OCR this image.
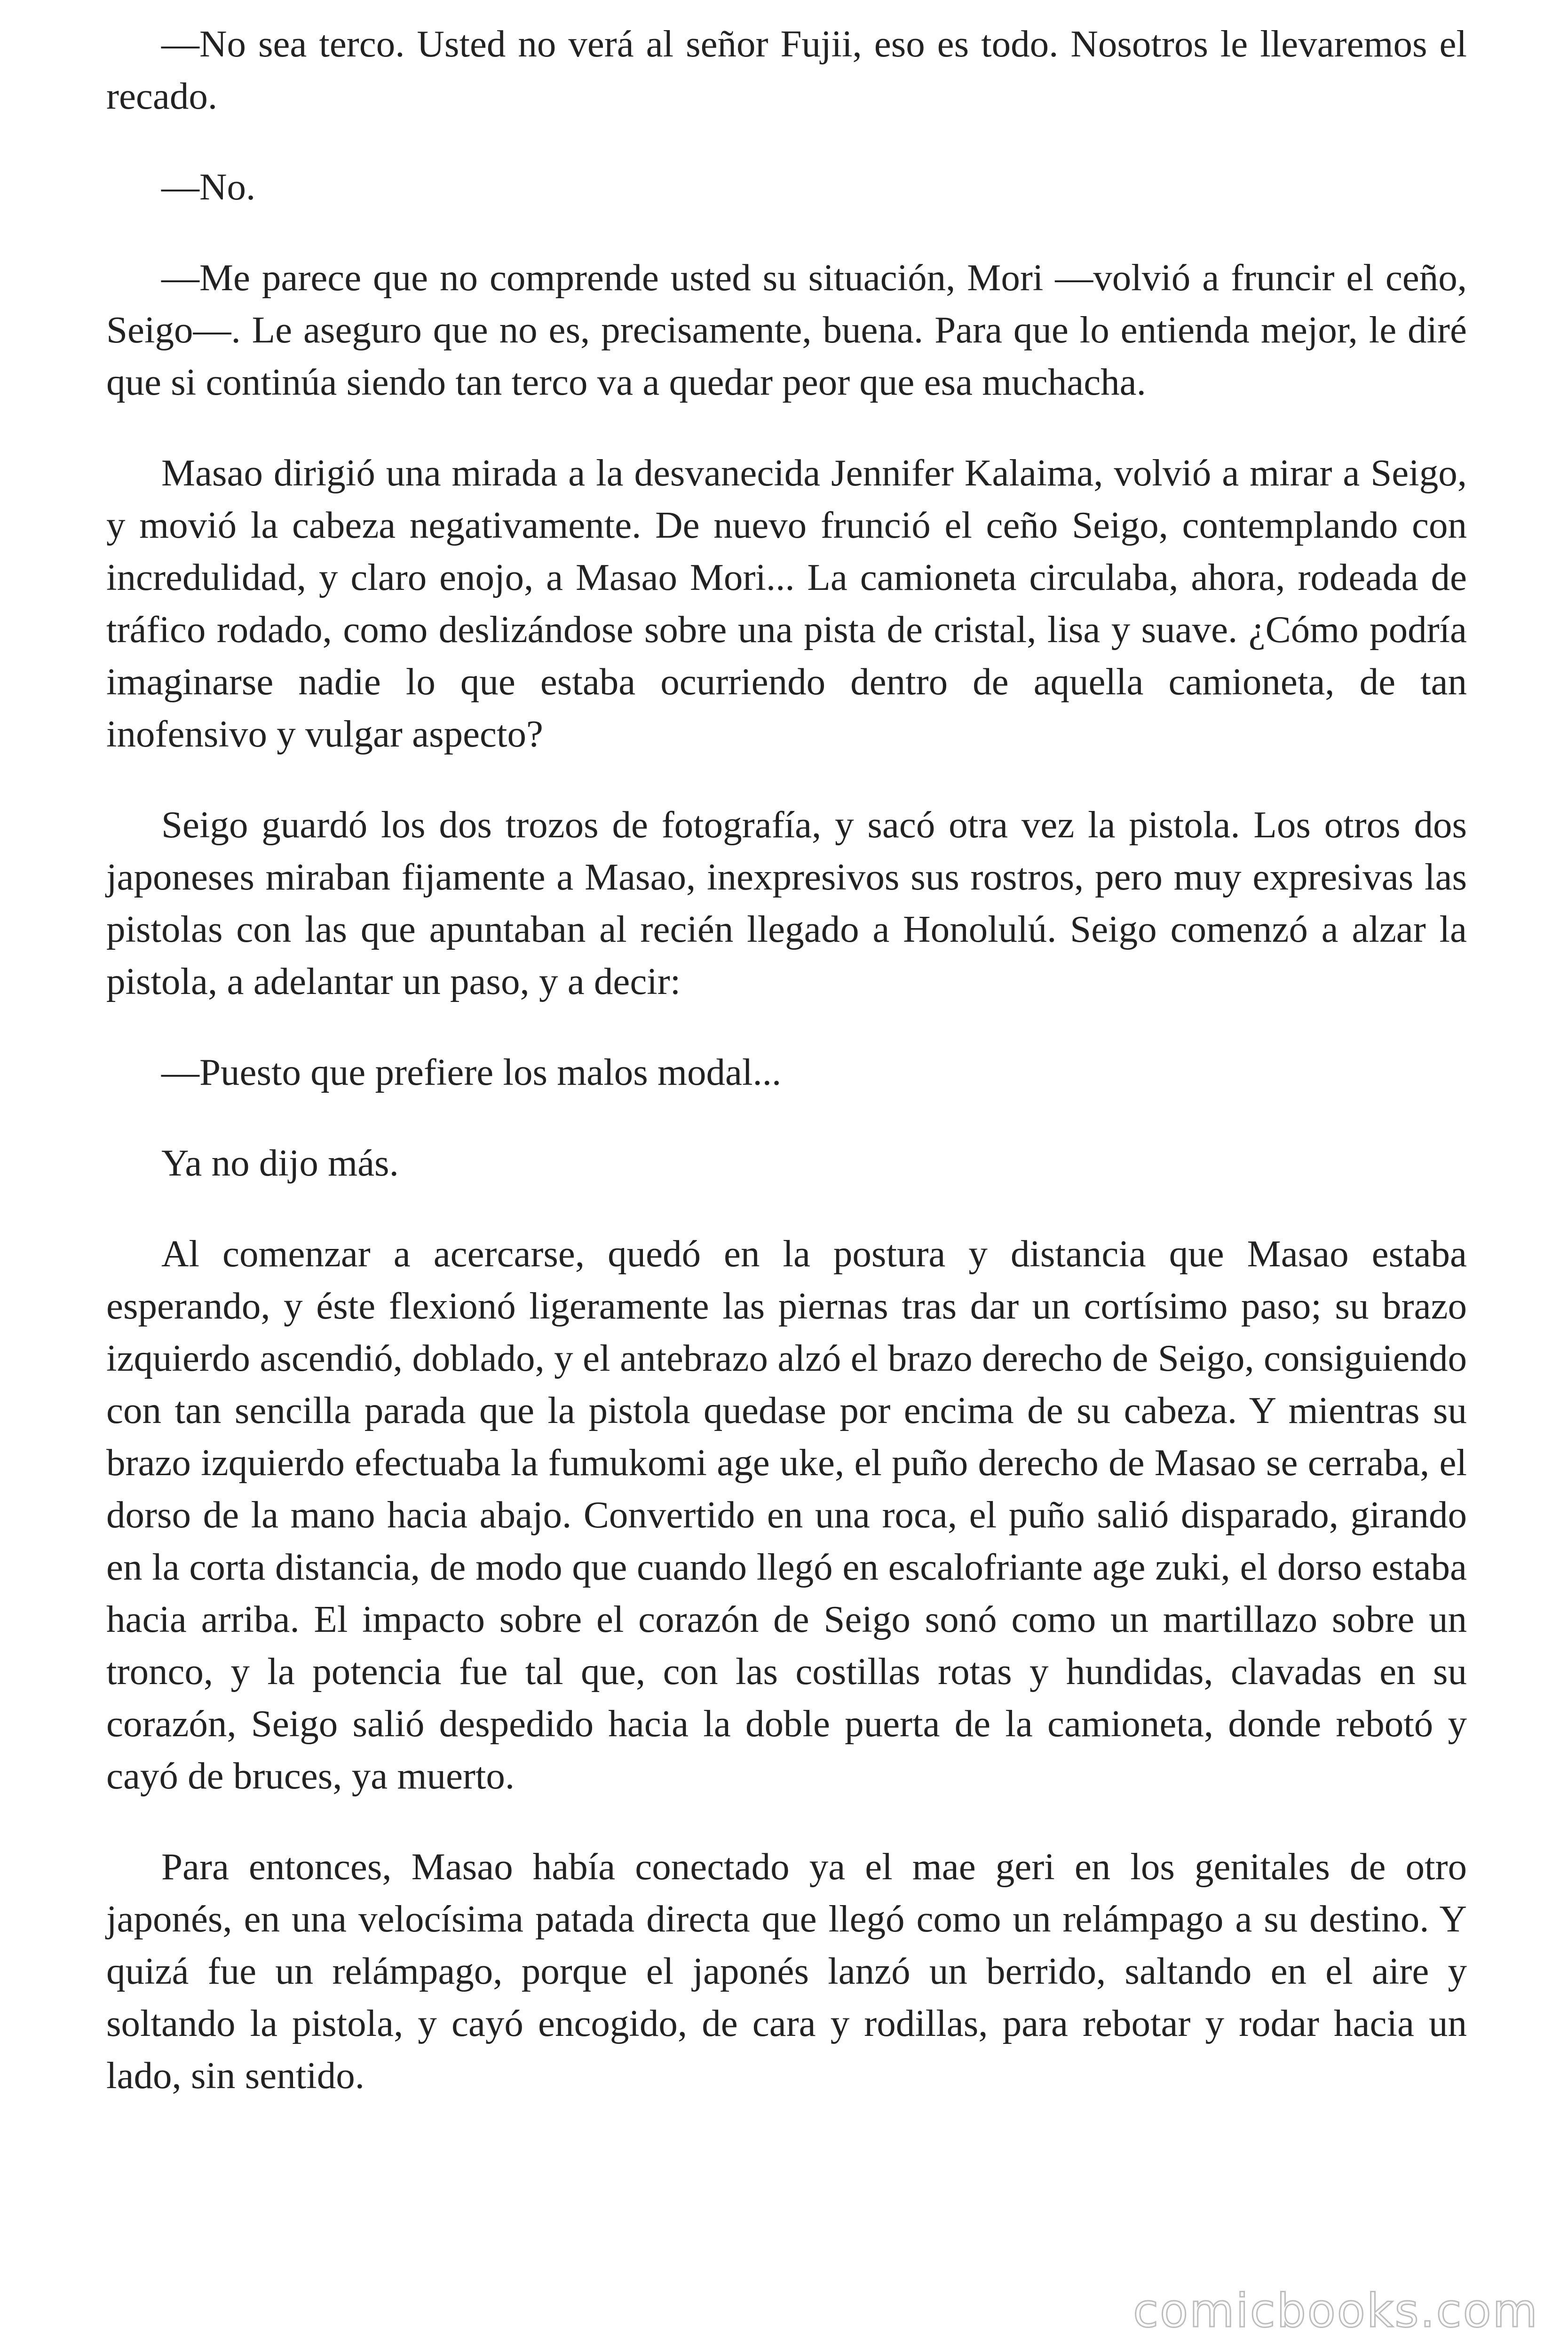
—No sea terco. Usted no verá al señor Fujii, eso es todo. Nosotros le llevaremos el recado.

—No.

—Me parece que no comprende usted su situación, Mori —volvió a fruncir el ceño, Seigo—. Le aseguro que no es, precisamente, buena. Para que lo entienda mejor, le diré que si continúa siendo tan terco va a quedar peor que esa muchacha.

Masao dirigió una mirada a la desvanecida Jennifer Kalaima, volvió a mirar a Seigo, y movió la cabeza negativamente. De nuevo frunció el ceño Seigo, contemplando con incredulidad, y claro enojo, a Masao Mori... La camioneta circulaba, ahora, rodeada de tráfico rodado, como deslizándose sobre una pista de cristal, lisa y suave. ¿Cómo podría imaginarse nadie lo que estaba ocurriendo dentro de aquella camioneta, de tan inofensivo y vulgar aspecto?

Seigo guardó los dos trozos de fotografía, y sacó otra vez la pistola. Los otros dos japoneses miraban fijamente a Masao, inexpresivos sus rostros, pero muy expresivas las pistolas con las que apuntaban al recién llegado a Honolulú. Seigo comenzó a alzar la pistola, a adelantar un paso, y a decir:

—Puesto que prefiere los malos modal...

Ya no dijo más.

Al comenzar a acercarse, quedó en la postura y distancia que Masao estaba esperando, y éste flexionó ligeramente las piernas tras dar un cortísimo paso; su brazo izquierdo ascendió, doblado, y el antebrazo alzó el brazo derecho de Seigo, consiguiendo con tan sencilla parada que la pistola quedase por encima de su cabeza. Y mientras su brazo izquierdo efectuaba la fumukomi age uke, el puño derecho de Masao se cerraba, el dorso de la mano hacia abajo. Convertido en una roca, el puño salió disparado, girando en la corta distancia, de modo que cuando llegó en escalofriante age zuki, el dorso estaba hacia arriba. El impacto sobre el corazón de Seigo sonó como un martillazo sobre un tronco, y la potencia fue tal que, con las costillas rotas y hundidas, clavadas en su corazón, Seigo salió despedido hacia la doble puerta de la camioneta, donde rebotó y cayó de bruces, ya muerto.

Para entonces, Masao había conectado ya el mae geri en los genitales de otro japonés, en una velocísima patada directa que llegó como un relámpago a su destino. Y quizá fue un relámpago, porque el japonés lanzó un berrido, saltando en el aire y soltando la pistola, y cayó encogido, de cara y rodillas, para rebotar y rodar hacia un lado, sin sentido.

comicbooks.com
